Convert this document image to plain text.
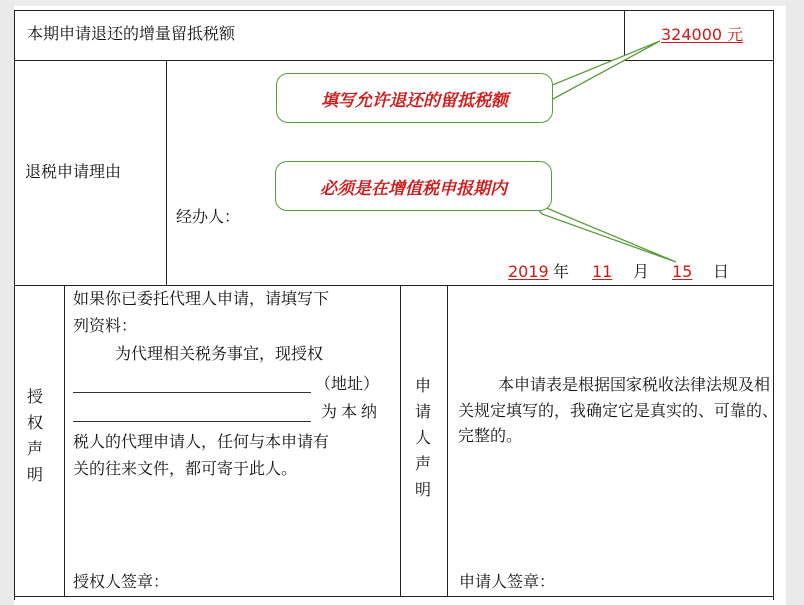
本期申请退还的增量留抵税额	324000 元
退税申请理由
经办人：
2019 年 11 月 15 日
授权声明
如果你已委托代理人申请，请填写下
列资料：
为代理相关税务事宜，现授权
（地址）
为本纳
税人的代理申请人，任何与本申请有
关的往来文件，都可寄于此人。
授权人签章：
申请人声明
本申请表是根据国家税收法律法规及相关规定填写的，我确定它是真实的、可靠的、完整的。
申请人签章：
填写允许退还的留抵税额
必须是在增值税申报期内
